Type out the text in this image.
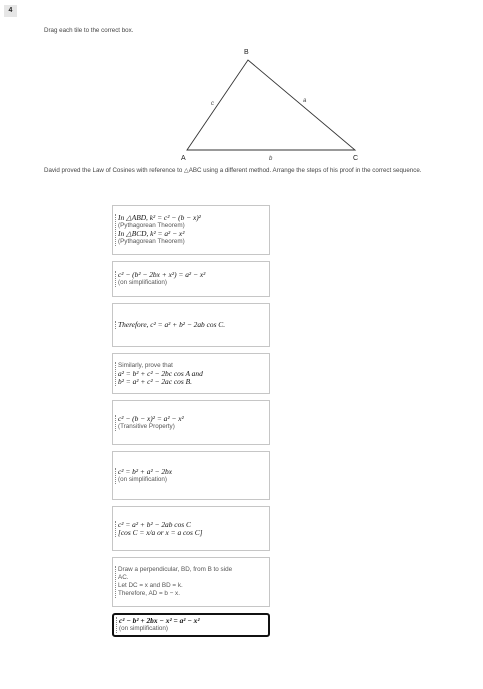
4
Drag each tile to the correct box.
B
A	C
c	a
b
David proved the Law of Cosines with reference to △ABC using a different method. Arrange the steps of his proof in the correct sequence.
In △ABD, k² = c² − (b − x)²
(Pythagorean Theorem)
In △BCD, k² = a² − x²
(Pythagorean Theorem)
c² − (b² − 2bx + x²) = a² − x²
(on simplification)
Therefore, c² = a² + b² − 2ab cos C.
Similarly, prove that
a² = b² + c² − 2bc cos A and
b² = a² + c² − 2ac cos B.
c² − (b − x)² = a² − x²
(Transitive Property)
c² = b² + a² − 2bx
(on simplification)
c² = a² + b² − 2ab cos C
[cos C = x/a or x = a cos C]
Draw a perpendicular, BD, from B to side
AC.
Let DC = x and BD = k.
Therefore, AD = b − x.
c² − b² + 2bx − x² = a² − x²
(on simplification)
